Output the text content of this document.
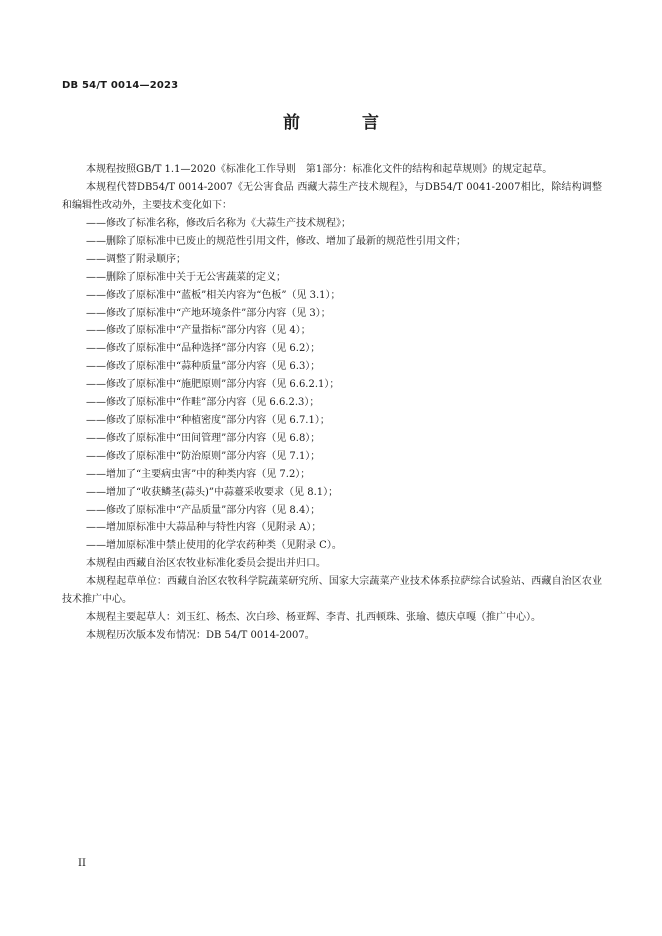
DB 54/T 0014—2023
前 言

本规程按照GB/T 1.1—2020《标准化工作导则　第1部分：标准化文件的结构和起草规则》的规定起草。

本规程代替DB54/T 0014-2007《无公害食品 西藏大蒜生产技术规程》，与DB54/T 0041-2007相比，除结构调整和编辑性改动外，主要技术变化如下：

——修改了标准名称，修改后名称为《大蒜生产技术规程》；

——删除了原标准中已废止的规范性引用文件，修改、增加了最新的规范性引用文件；

——调整了附录顺序；

——删除了原标准中关于无公害蔬菜的定义；

——修改了原标准中“蓝板”相关内容为“色板”（见 3.1）；

——修改了原标准中“产地环境条件”部分内容（见 3）；

——修改了原标准中“产量指标”部分内容（见 4）；

——修改了原标准中“品种选择”部分内容（见 6.2）；

——修改了原标准中“蒜种质量”部分内容（见 6.3）；

——修改了原标准中“施肥原则”部分内容（见 6.6.2.1）；

——修改了原标准中“作畦”部分内容（见 6.6.2.3）；

——修改了原标准中“种植密度”部分内容（见 6.7.1）；

——修改了原标准中“田间管理”部分内容（见 6.8）；

——修改了原标准中“防治原则”部分内容（见 7.1）；

——增加了“主要病虫害”中的种类内容（见 7.2）；

——增加了“收获鳞茎(蒜头)”中蒜薹采收要求（见 8.1）；

——修改了原标准中“产品质量”部分内容（见 8.4）；

——增加原标准中大蒜品种与特性内容（见附录 A）；

——增加原标准中禁止使用的化学农药种类（见附录 C）。

本规程由西藏自治区农牧业标准化委员会提出并归口。

本规程起草单位：西藏自治区农牧科学院蔬菜研究所、国家大宗蔬菜产业技术体系拉萨综合试验站、西藏自治区农业技术推广中心。

本规程主要起草人：刘玉红、杨杰、次白珍、杨亚辉、李青、扎西顿珠、张瑜、德庆卓嘎（推广中心）。

本规程历次版本发布情况：DB 54/T 0014-2007。

II
